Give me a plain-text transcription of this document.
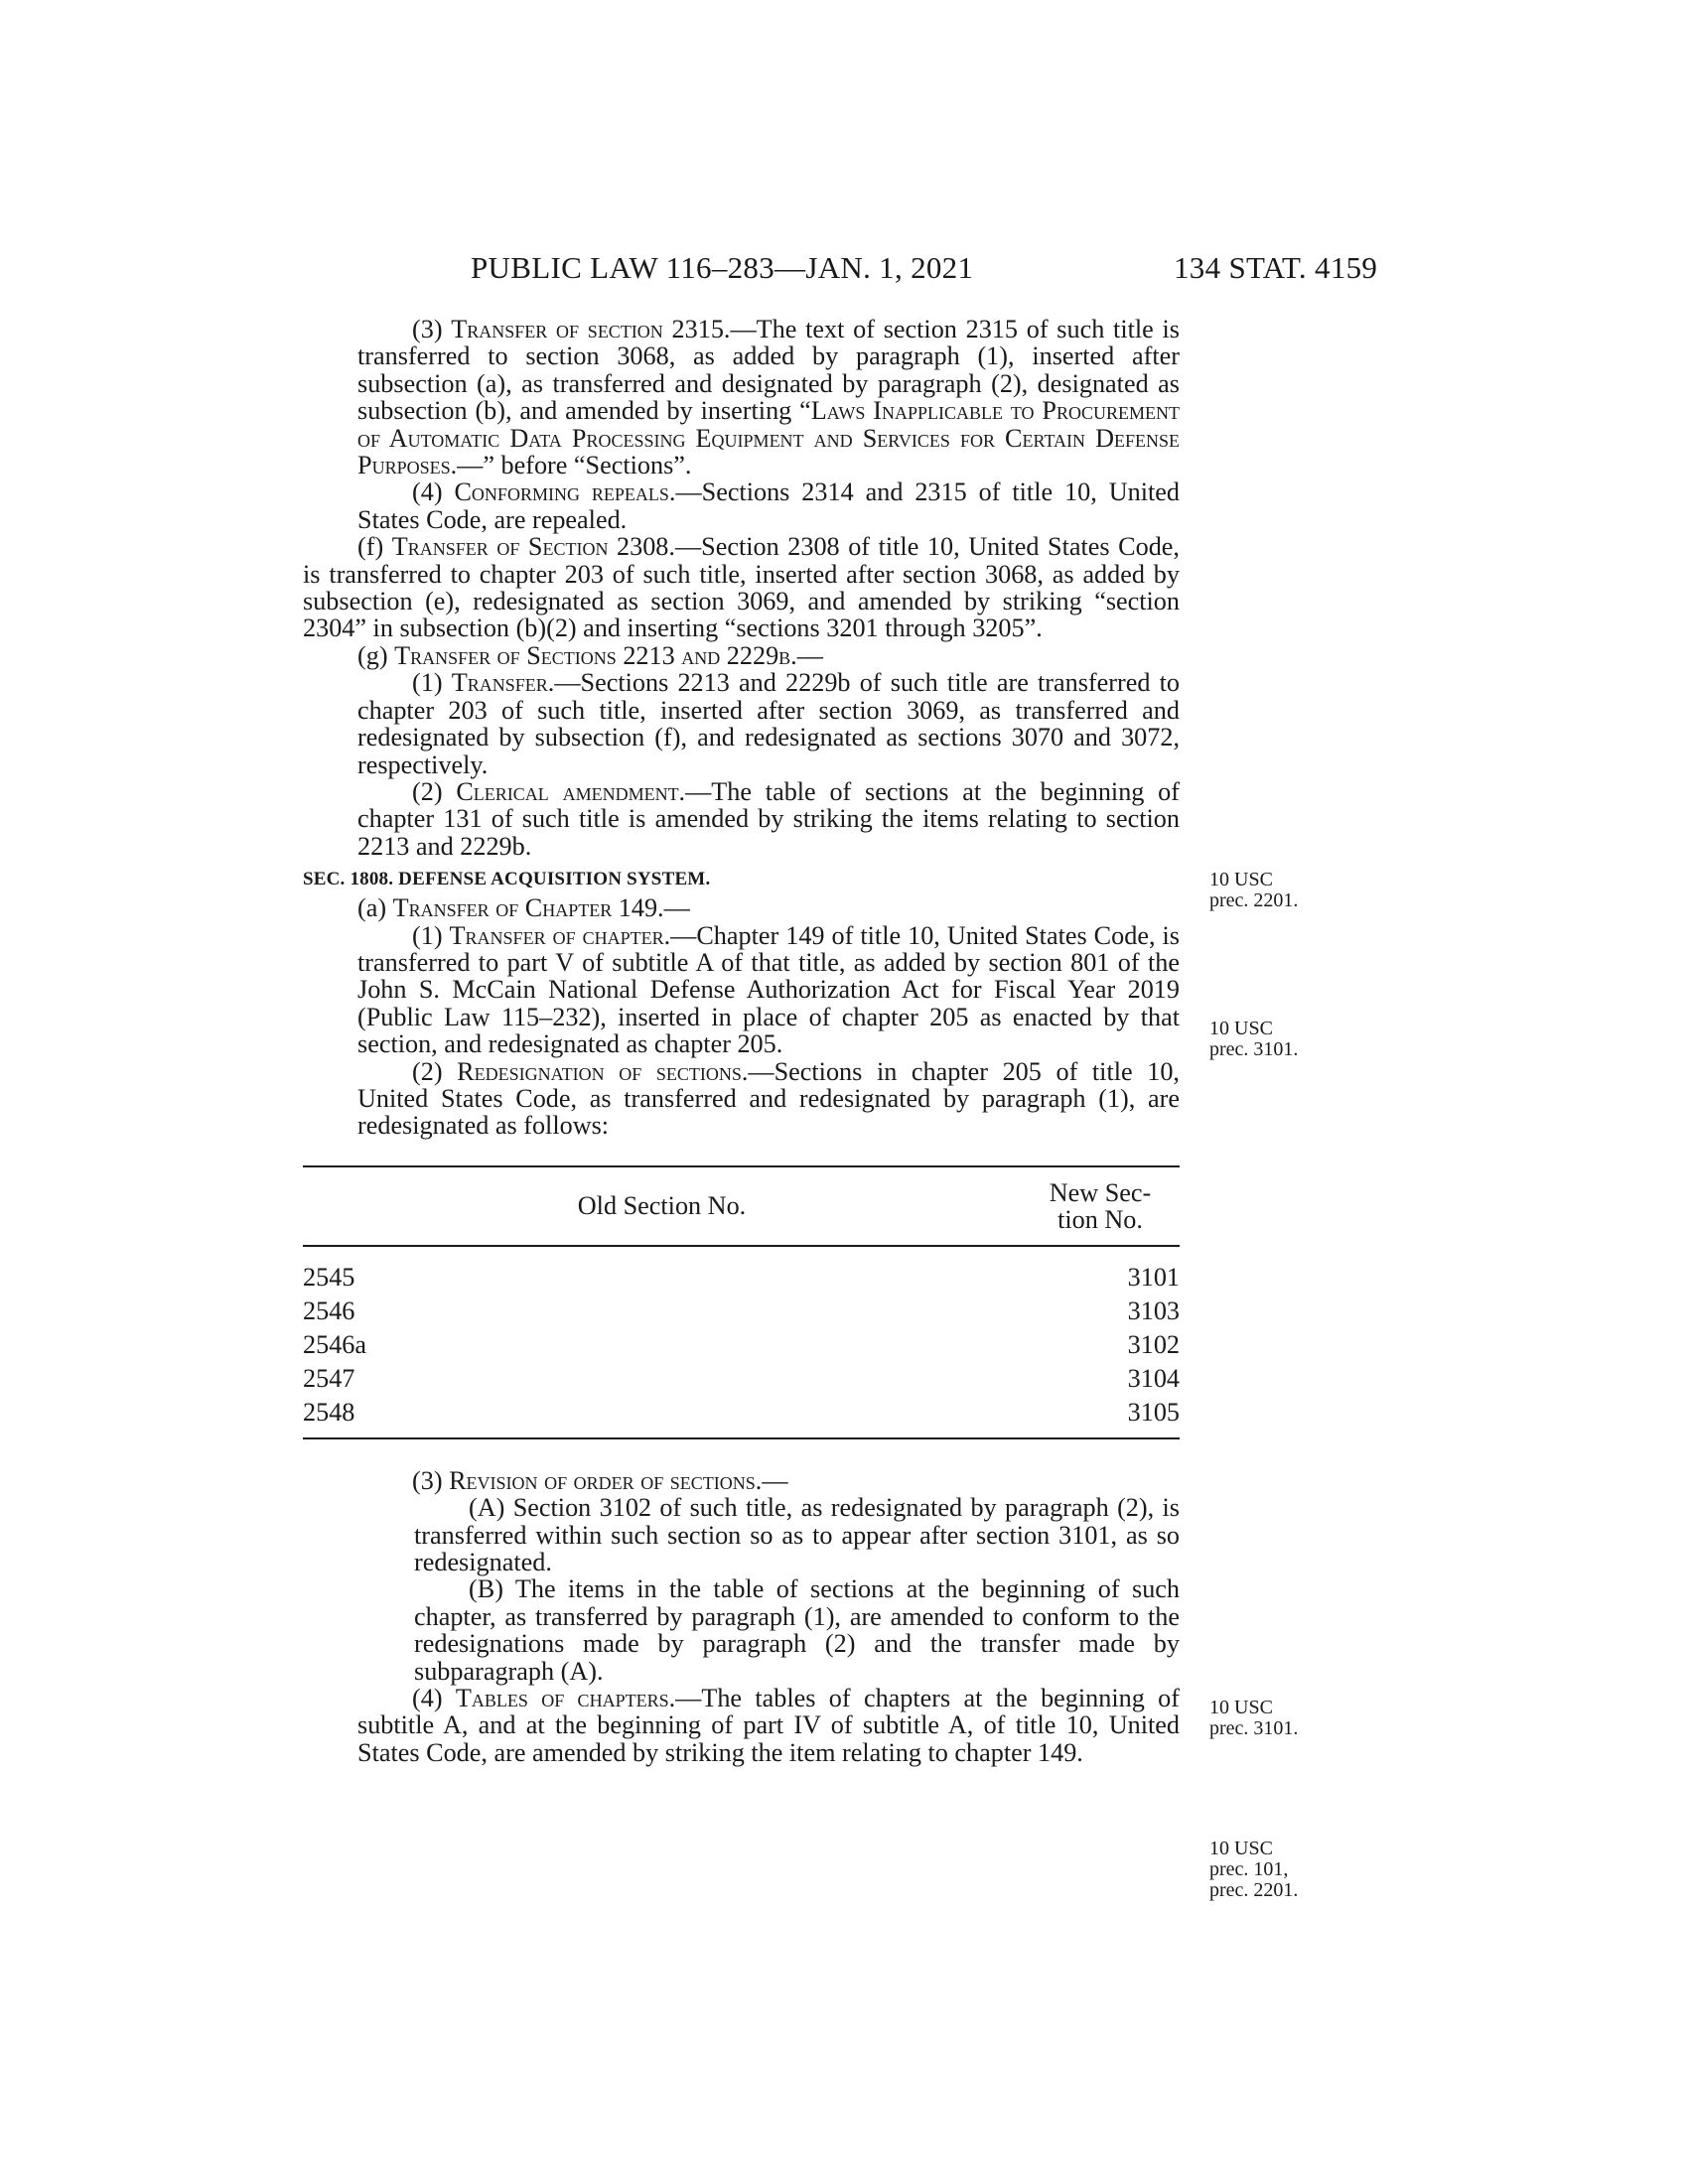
PUBLIC LAW 116–283—JAN. 1, 2021	134 STAT. 4159

(3) Transfer of section 2315.—The text of section 2315 of such title is transferred to section 3068, as added by paragraph (1), inserted after subsection (a), as transferred and designated by paragraph (2), designated as subsection (b), and amended by inserting “Laws Inapplicable to Procurement of Automatic Data Processing Equipment and Services for Certain Defense Purposes.—” before “Sections”.

(4) Conforming repeals.—Sections 2314 and 2315 of title 10, United States Code, are repealed.

(f) Transfer of Section 2308.—Section 2308 of title 10, United States Code, is transferred to chapter 203 of such title, inserted after section 3068, as added by subsection (e), redesignated as section 3069, and amended by striking “section 2304” in subsection (b)(2) and inserting “sections 3201 through 3205”.

(g) Transfer of Sections 2213 and 2229b.—

(1) Transfer.—Sections 2213 and 2229b of such title are transferred to chapter 203 of such title, inserted after section 3069, as transferred and redesignated by subsection (f), and redesignated as sections 3070 and 3072, respectively.

(2) Clerical amendment.—The table of sections at the beginning of chapter 131 of such title is amended by striking the items relating to section 2213 and 2229b.

SEC. 1808. DEFENSE ACQUISITION SYSTEM.

(a) Transfer of Chapter 149.—

(1) Transfer of chapter.—Chapter 149 of title 10, United States Code, is transferred to part V of subtitle A of that title, as added by section 801 of the John S. McCain National Defense Authorization Act for Fiscal Year 2019 (Public Law 115–232), inserted in place of chapter 205 as enacted by that section, and redesignated as chapter 205.

(2) Redesignation of sections.—Sections in chapter 205 of title 10, United States Code, as transferred and redesignated by paragraph (1), are redesignated as follows:

Old Section No.	New Sec-
tion No.
2545	3101
2546	3103
2546a	3102
2547	3104
2548	3105

(3) Revision of order of sections.—

(A) Section 3102 of such title, as redesignated by paragraph (2), is transferred within such section so as to appear after section 3101, as so redesignated.

(B) The items in the table of sections at the beginning of such chapter, as transferred by paragraph (1), are amended to conform to the redesignations made by paragraph (2) and the transfer made by subparagraph (A).

(4) Tables of chapters.—The tables of chapters at the beginning of subtitle A, and at the beginning of part IV of subtitle A, of title 10, United States Code, are amended by striking the item relating to chapter 149.

10 USC
prec. 2201.
10 USC
prec. 3101.
10 USC
prec. 3101.
10 USC
prec. 101,
prec. 2201.
